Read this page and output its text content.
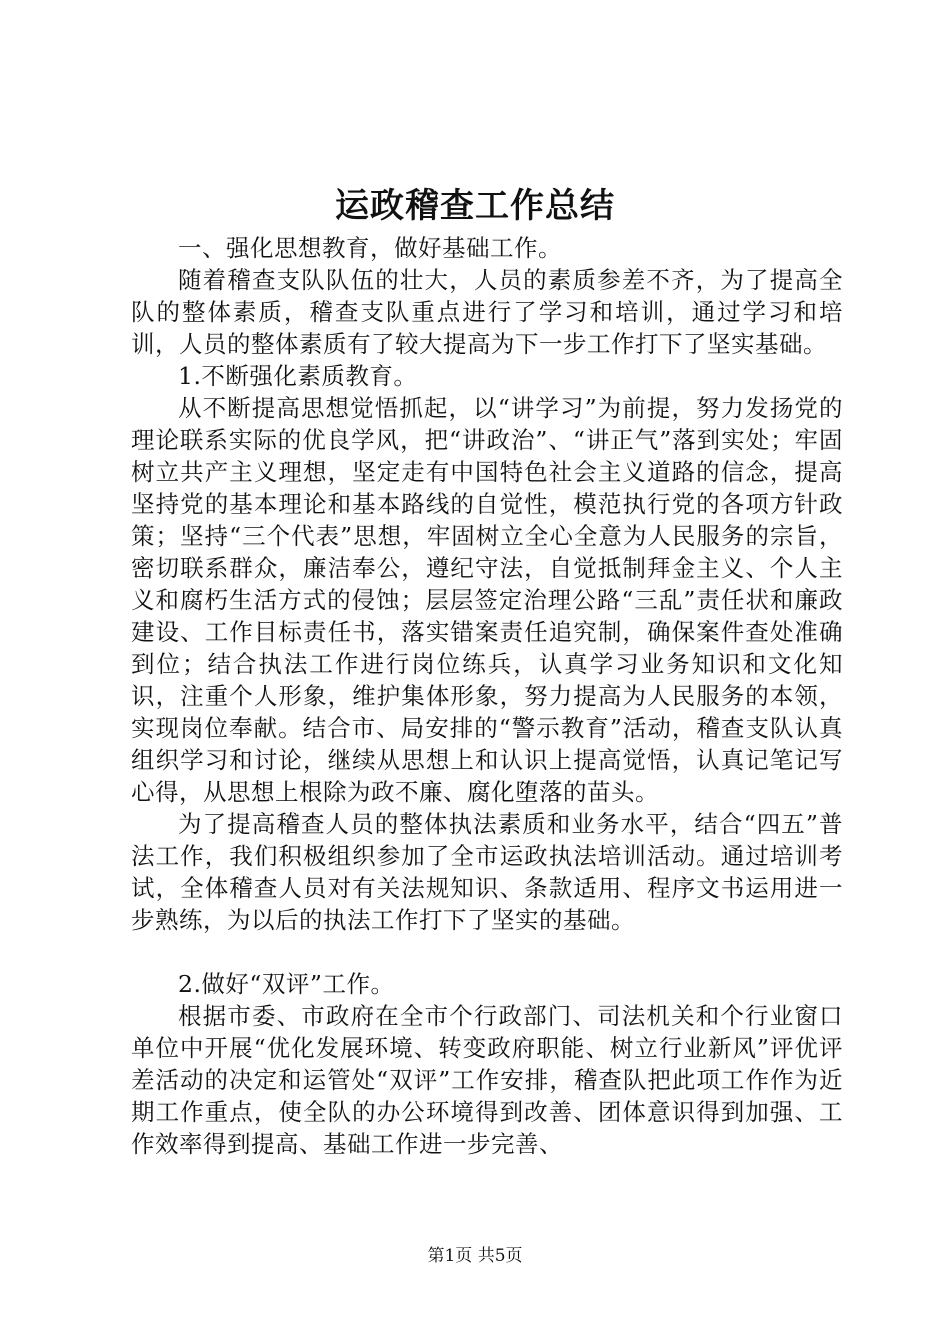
运政稽查工作总结

一、强化思想教育，做好基础工作。

随着稽查支队队伍的壮大，人员的素质参差不齐，为了提高全队的整体素质，稽查支队重点进行了学习和培训，通过学习和培训，人员的整体素质有了较大提高为下一步工作打下了坚实基础。

1.不断强化素质教育。

从不断提高思想觉悟抓起，以“讲学习”为前提，努力发扬党的理论联系实际的优良学风，把“讲政治”、“讲正气”落到实处；牢固树立共产主义理想，坚定走有中国特色社会主义道路的信念，提高坚持党的基本理论和基本路线的自觉性，模范执行党的各项方针政策；坚持“三个代表”思想，牢固树立全心全意为人民服务的宗旨，密切联系群众，廉洁奉公，遵纪守法，自觉抵制拜金主义、个人主义和腐朽生活方式的侵蚀；层层签定治理公路“三乱”责任状和廉政建设、工作目标责任书，落实错案责任追究制，确保案件查处准确到位；结合执法工作进行岗位练兵，认真学习业务知识和文化知识，注重个人形象，维护集体形象，努力提高为人民服务的本领，实现岗位奉献。结合市、局安排的“警示教育”活动，稽查支队认真组织学习和讨论，继续从思想上和认识上提高觉悟，认真记笔记写心得，从思想上根除为政不廉、腐化堕落的苗头。

为了提高稽查人员的整体执法素质和业务水平，结合“四五”普法工作，我们积极组织参加了全市运政执法培训活动。通过培训考试，全体稽查人员对有关法规知识、条款适用、程序文书运用进一步熟练，为以后的执法工作打下了坚实的基础。

2.做好“双评”工作。

根据市委、市政府在全市个行政部门、司法机关和个行业窗口单位中开展“优化发展环境、转变政府职能、树立行业新风”评优评差活动的决定和运管处“双评”工作安排，稽查队把此项工作作为近期工作重点，使全队的办公环境得到改善、团体意识得到加强、工作效率得到提高、基础工作进一步完善、

第1页 共5页
